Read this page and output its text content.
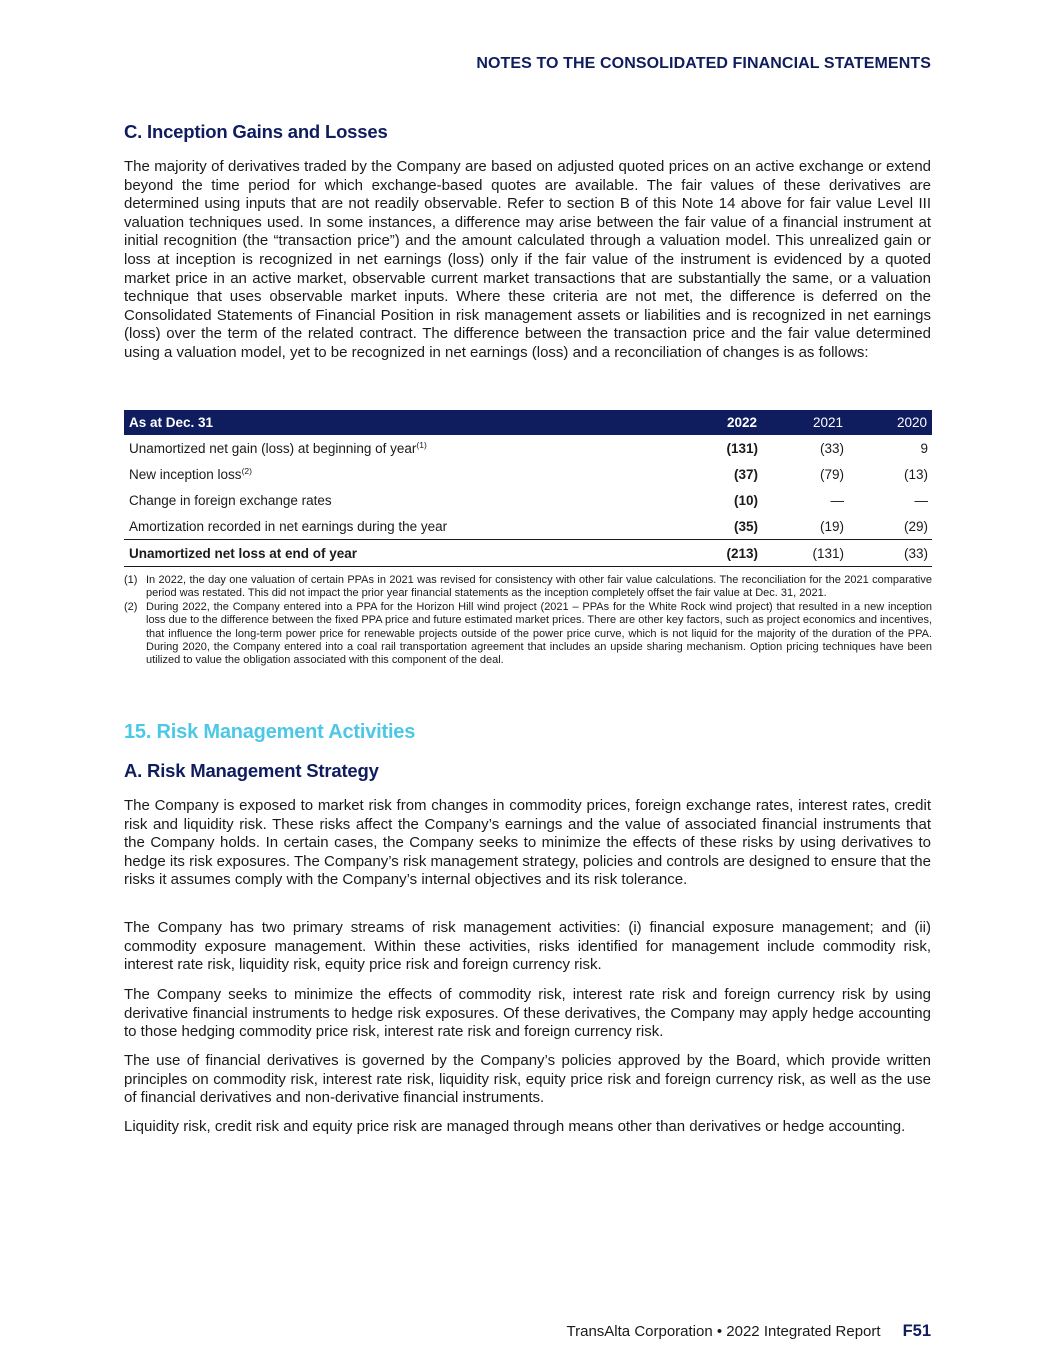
NOTES TO THE CONSOLIDATED FINANCIAL STATEMENTS
C. Inception Gains and Losses

The majority of derivatives traded by the Company are based on adjusted quoted prices on an active exchange or extend beyond the time period for which exchange-based quotes are available. The fair values of these derivatives are determined using inputs that are not readily observable. Refer to section B of this Note 14 above for fair value Level III valuation techniques used. In some instances, a difference may arise between the fair value of a financial instrument at initial recognition (the “transaction price”) and the amount calculated through a valuation model. This unrealized gain or loss at inception is recognized in net earnings (loss) only if the fair value of the instrument is evidenced by a quoted market price in an active market, observable current market transactions that are substantially the same, or a valuation technique that uses observable market inputs. Where these criteria are not met, the difference is deferred on the Consolidated Statements of Financial Position in risk management assets or liabilities and is recognized in net earnings (loss) over the term of the related contract. The difference between the transaction price and the fair value determined using a valuation model, yet to be recognized in net earnings (loss) and a reconciliation of changes is as follows:

As at Dec. 31	2022	2021	2020
Unamortized net gain (loss) at beginning of year$^{(1)}$	(131)	(33)	9
New inception loss$^{(2)}$	(37)	(79)	(13)
Change in foreign exchange rates	(10)	—	—
Amortization recorded in net earnings during the year	(35)	(19)	(29)
Unamortized net loss at end of year	(213)	(131)	(33)

(1) In 2022, the day one valuation of certain PPAs in 2021 was revised for consistency with other fair value calculations. The reconciliation for the 2021 comparative period was restated. This did not impact the prior year financial statements as the inception completely offset the fair value at Dec. 31, 2021.

(2) During 2022, the Company entered into a PPA for the Horizon Hill wind project (2021 – PPAs for the White Rock wind project) that resulted in a new inception loss due to the difference between the fixed PPA price and future estimated market prices. There are other key factors, such as project economics and incentives, that influence the long-term power price for renewable projects outside of the power price curve, which is not liquid for the majority of the duration of the PPA. During 2020, the Company entered into a coal rail transportation agreement that includes an upside sharing mechanism. Option pricing techniques have been utilized to value the obligation associated with this component of the deal.

15. Risk Management Activities
A. Risk Management Strategy

The Company is exposed to market risk from changes in commodity prices, foreign exchange rates, interest rates, credit risk and liquidity risk. These risks affect the Company’s earnings and the value of associated financial instruments that the Company holds. In certain cases, the Company seeks to minimize the effects of these risks by using derivatives to hedge its risk exposures. The Company’s risk management strategy, policies and controls are designed to ensure that the risks it assumes comply with the Company’s internal objectives and its risk tolerance.

The Company has two primary streams of risk management activities: (i) financial exposure management; and (ii) commodity exposure management. Within these activities, risks identified for management include commodity risk, interest rate risk, liquidity risk, equity price risk and foreign currency risk.

The Company seeks to minimize the effects of commodity risk, interest rate risk and foreign currency risk by using derivative financial instruments to hedge risk exposures. Of these derivatives, the Company may apply hedge accounting to those hedging commodity price risk, interest rate risk and foreign currency risk.

The use of financial derivatives is governed by the Company’s policies approved by the Board, which provide written principles on commodity risk, interest rate risk, liquidity risk, equity price risk and foreign currency risk, as well as the use of financial derivatives and non-derivative financial instruments.

Liquidity risk, credit risk and equity price risk are managed through means other than derivatives or hedge accounting.

TransAlta Corporation • 2022 Integrated Report F51
